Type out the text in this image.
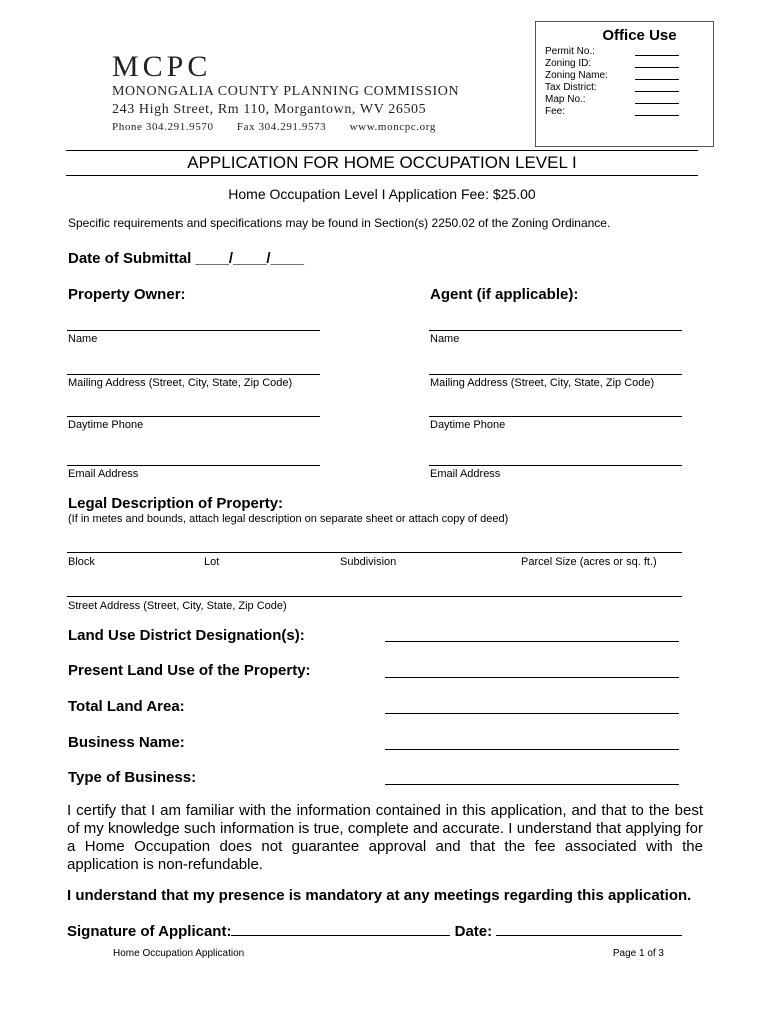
MCPC
MONONGALIA COUNTY PLANNING COMMISSION
243 High Street, Rm 110, Morgantown, WV 26505
Phone 304.291.9570 Fax 304.291.9573 www.moncpc.org
Office Use
Permit No.:
Zoning ID:
Zoning Name:
Tax District:
Map No.:
Fee:
APPLICATION FOR HOME OCCUPATION LEVEL I
Home Occupation Level I Application Fee: $25.00
Specific requirements and specifications may be found in Section(s) 2250.02 of the Zoning Ordinance.
Date of Submittal ____/____/____
Property Owner:	Agent (if applicable):
Name	Name
Mailing Address (Street, City, State, Zip Code)	Mailing Address (Street, City, State, Zip Code)
Daytime Phone	Daytime Phone
Email Address	Email Address
Legal Description of Property:
(If in metes and bounds, attach legal description on separate sheet or attach copy of deed)
Block	Lot	Subdivision	Parcel Size (acres or sq. ft.)
Street Address (Street, City, State, Zip Code)
Land Use District Designation(s):
Present Land Use of the Property:
Total Land Area:
Business Name:
Type of Business:
I certify that I am familiar with the information contained in this application, and that to the best of my knowledge such information is true, complete and accurate. I understand that applying for a Home Occupation does not guarantee approval and that the fee associated with the application is non-refundable.
I understand that my presence is mandatory at any meetings regarding this application.
Signature of Applicant:	Date:
Home Occupation Application	Page 1 of 3
